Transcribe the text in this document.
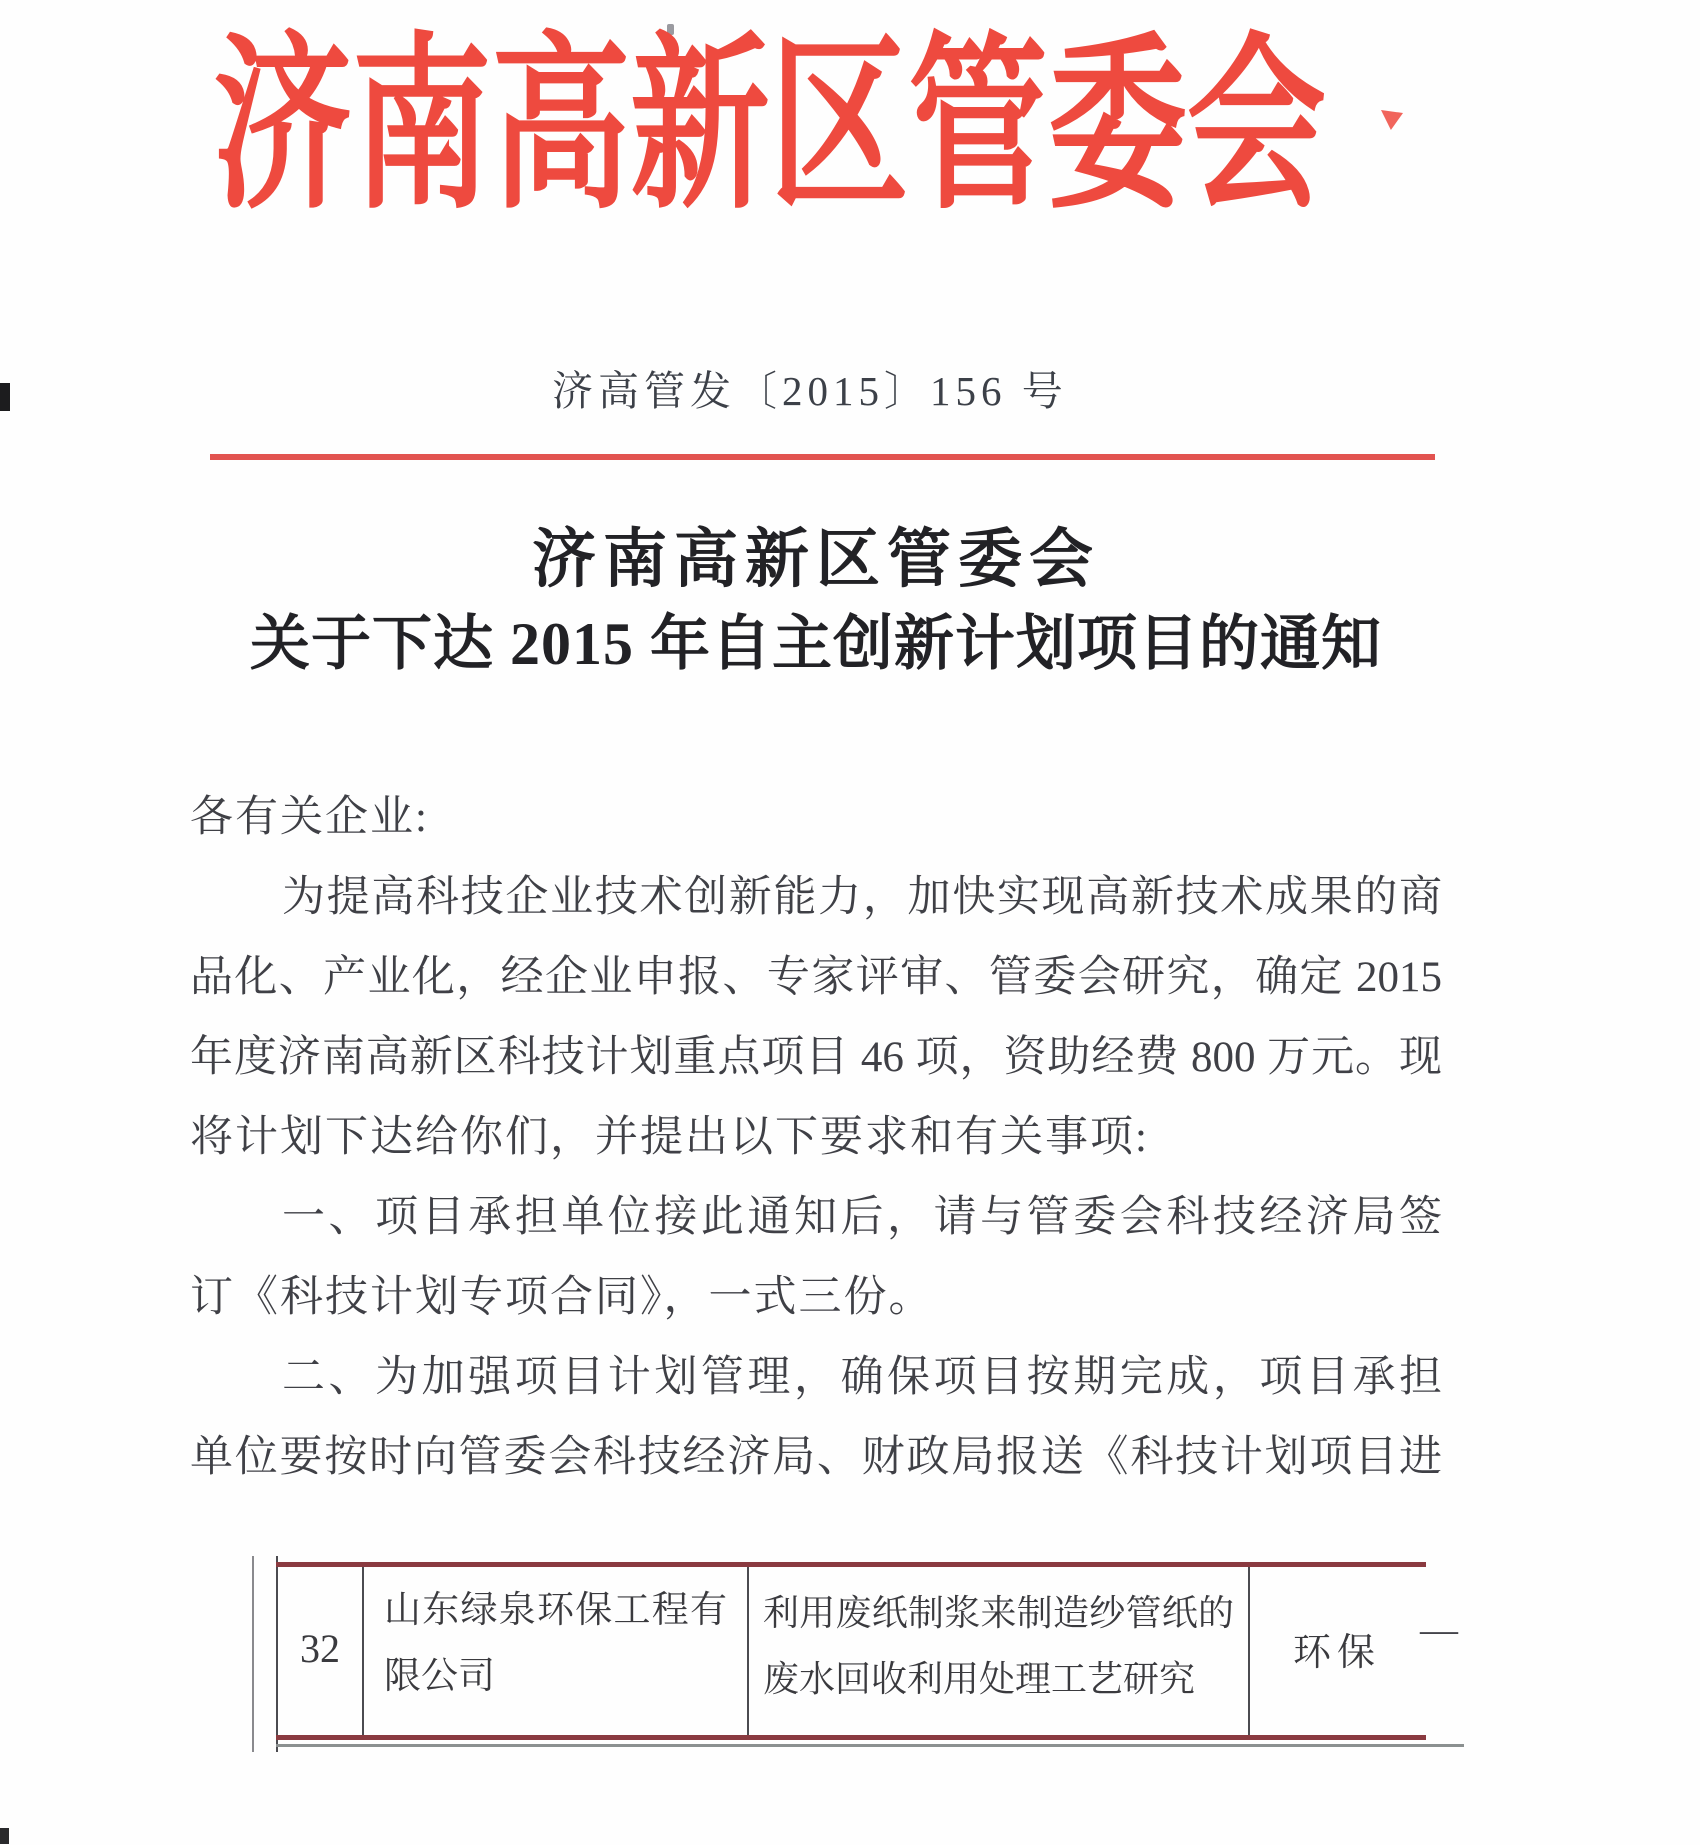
济南高新区管委会
济高管发〔2015〕156 号
济南高新区管委会
关于下达 2015 年自主创新计划项目的通知
各有关企业:
为提高科技企业技术创新能力，加快实现高新技术成果的商
品化、产业化，经企业申报、专家评审、管委会研究，确定 2015
年度济南高新区科技计划重点项目 46 项，资助经费 800 万元。现
将计划下达给你们，并提出以下要求和有关事项:
一、项目承担单位接此通知后，请与管委会科技经济局签
订《科技计划专项合同》，一式三份。
二、为加强项目计划管理，确保项目按期完成，项目承担
单位要按时向管委会科技经济局、财政局报送《科技计划项目进
32
山东绿泉环保工程有
限公司
利用废纸制浆来制造纱管纸的
废水回收利用处理工艺研究
环保
—
